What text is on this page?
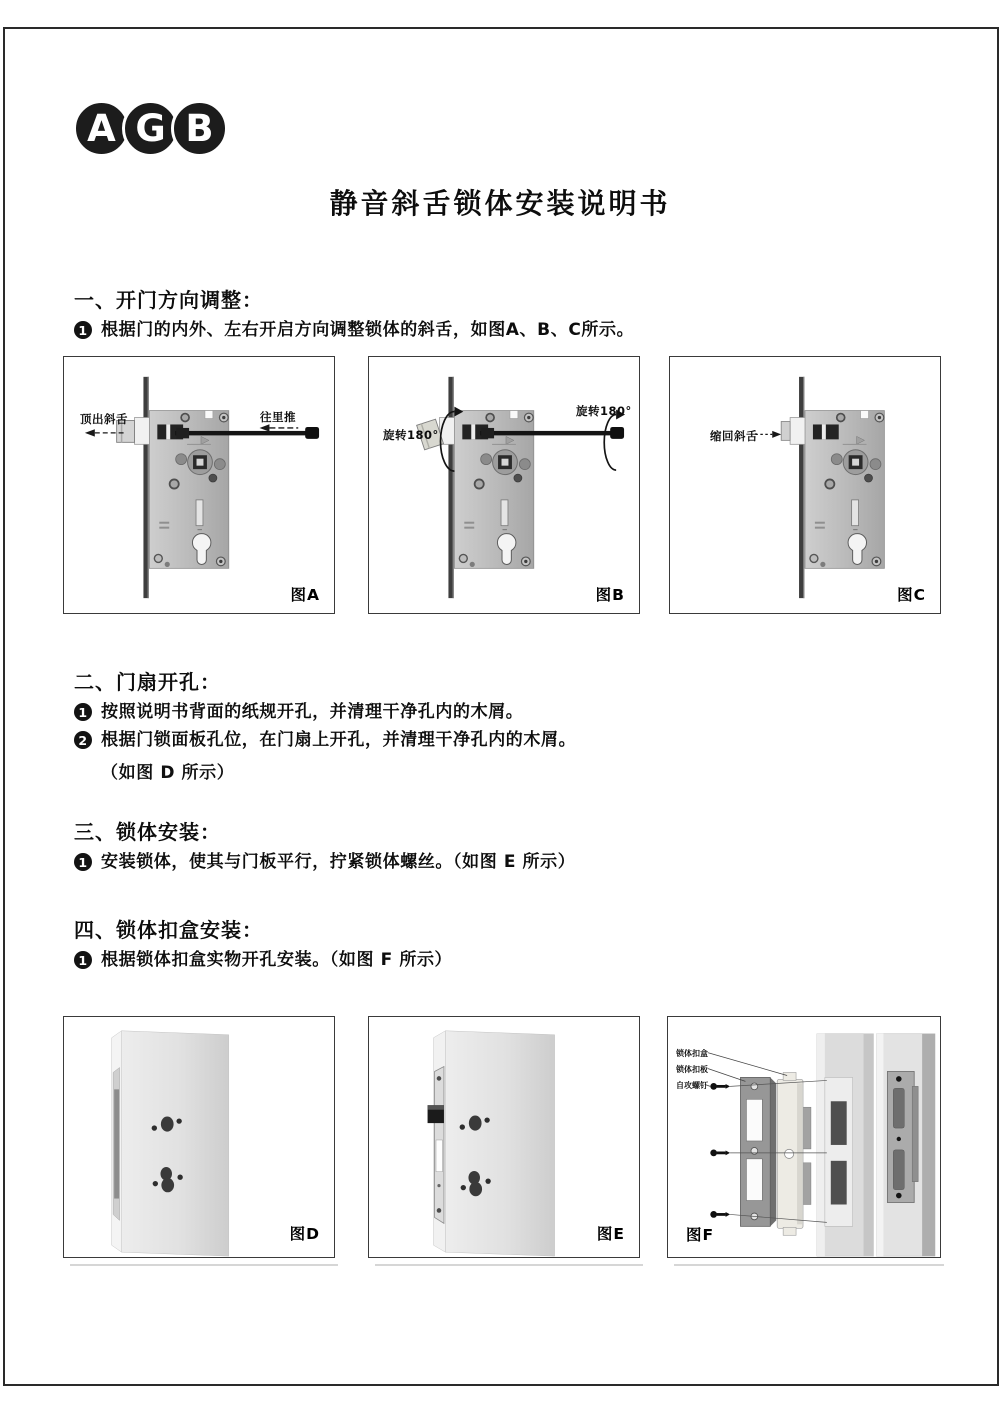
A G B
静音斜舌锁体安装说明书
一、开门方向调整：
1 根据门的内外、左右开启方向调整锁体的斜舌，如图A、B、C所示。
二、门扇开孔：
1 按照说明书背面的纸规开孔，并清理干净孔内的木屑。
2 根据门锁面板孔位，在门扇上开孔，并清理干净孔内的木屑。
（如图 D 所示）
三、锁体安装：
1 安装锁体，使其与门板平行，拧紧锁体螺丝。（如图 E 所示）
四、锁体扣盒安装：
1 根据锁体扣盒实物开孔安装。（如图 F 所示）
顶出斜舌	往里推
图A
旋转180°
旋转180°
图B
缩回斜舌
图C
图D	图E
锁体扣盒
锁体扣板
自攻螺钉
图F
